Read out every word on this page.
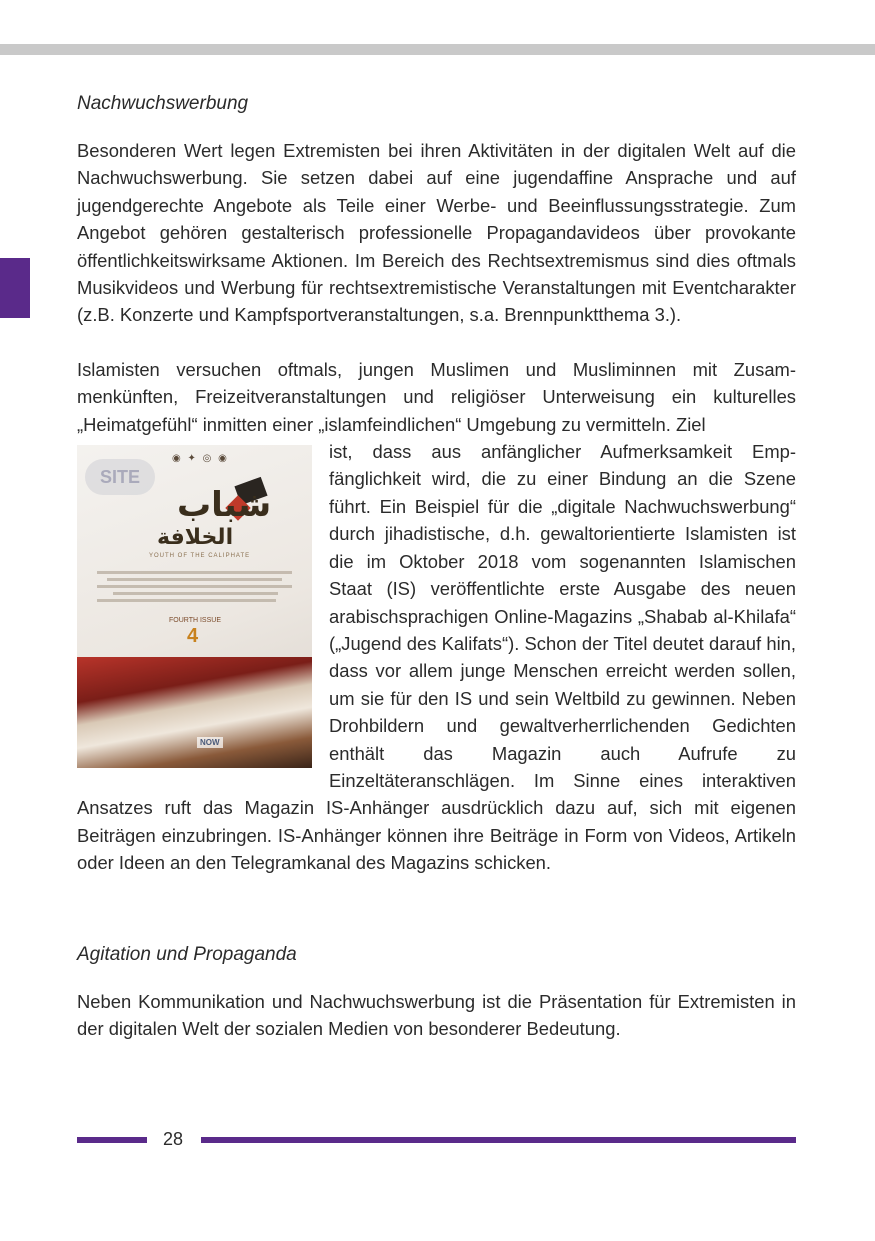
Nachwuchswerbung

Besonderen Wert legen Extremisten bei ihren Aktivitäten in der digitalen Welt auf die Nachwuchswerbung. Sie setzen dabei auf eine jugendaffine Ansprache und auf jugendgerechte Angebote als Teile einer Werbe- und Beeinflussungsstrategie. Zum Angebot gehören gestalterisch professionelle Propagandavideos über provokante öffentlichkeitswirksame Aktionen. Im Bereich des Rechtsextremismus sind dies oftmals Musikvideos und Werbung für rechtsextremistische Veranstaltungen mit Eventcharakter (z.B. Konzerte und Kampfsportveranstaltungen, s.a. Brennpunktthema 3.).

Islamisten versuchen oftmals, jungen Muslimen und Musliminnen mit Zusammenkünften, Freizeitveranstaltungen und religiöser Unterweisung ein kulturelles „Heimatgefühl“ inmitten einer „islamfeindlichen“ Umgebung zu vermitteln. Ziel

SITE
◉ ✦ ◎ ◉
شباب
الخلافة
YOUTH OF THE CALIPHATE
FOURTH ISSUE
4
NOW

ist, dass aus anfänglicher Aufmerksamkeit Empfänglichkeit wird, die zu einer Bindung an die Szene führt. Ein Beispiel für die „digitale Nachwuchswerbung“ durch jihadistische, d.h. gewaltorientierte Islamisten ist die im Oktober 2018 vom sogenannten Islamischen Staat (IS) veröffentlichte erste Ausgabe des neuen arabischsprachigen Online-Magazins „Shabab al-Khilafa“ („Jugend des Kalifats“). Schon der Titel deutet darauf hin, dass vor allem junge Menschen erreicht werden sollen, um sie für den IS und sein Weltbild zu gewinnen. Neben Drohbildern und gewaltverherrlichenden Gedichten enthält das Magazin auch Aufrufe zu Einzeltäteranschlägen. Im Sinne eines interaktiven Ansatzes ruft das Magazin IS-Anhänger ausdrücklich dazu auf, sich mit eigenen Beiträgen einzubringen. IS-Anhänger können ihre Beiträge in Form von Videos, Artikeln oder Ideen an den Telegramkanal des Magazins schicken.

Agitation und Propaganda

Neben Kommunikation und Nachwuchswerbung ist die Präsentation für Extremisten in der digitalen Welt der sozialen Medien von besonderer Bedeutung.

28
